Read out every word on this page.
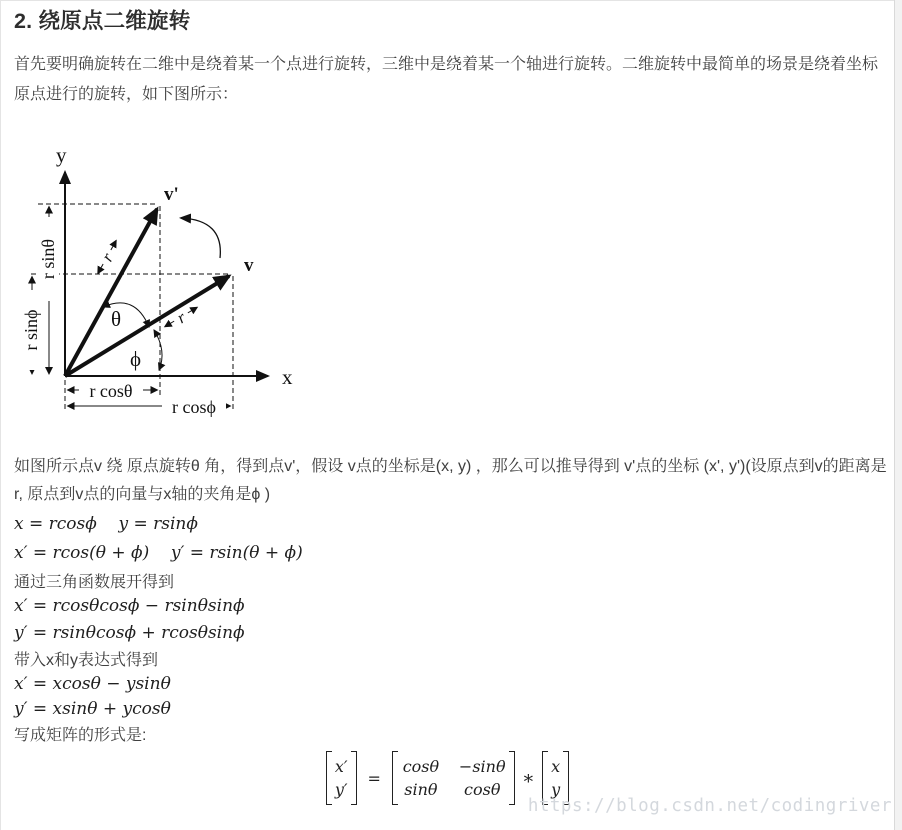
2. 绕原点二维旋转

首先要明确旋转在二维中是绕着某一个点进行旋转，三维中是绕着某一个轴进行旋转。二维旋转中最简单的场景是绕着坐标原点进行的旋转，如下图所示：

y
x
v'
v
r
r
θ
ϕ
r sinθ
r sinϕ
r cosθ
r cosϕ

如图所示点v 绕 原点旋转θ 角，得到点v'，假设 v点的坐标是(x, y) ，那么可以推导得到 v'点的坐标 (x', y')(设原点到v的距离是r, 原点到v点的向量与x轴的夹角是ϕ )

x = rcosϕ    y = rsinϕ
x′ = rcos(θ + ϕ)    y′ = rsin(θ + ϕ)
通过三角函数展开得到
x′ = rcosθcosϕ − rsinθsinϕ
y′ = rsinθcosϕ + rcosθsinϕ
带入x和y表达式得到
x′ = xcosθ − ysinθ
y′ = xsinθ + ycosθ
写成矩阵的形式是:
x′
y′
=
cosθ −sinθ
sinθ	cosθ *
x
y
https://blog.csdn.net/codingriver
